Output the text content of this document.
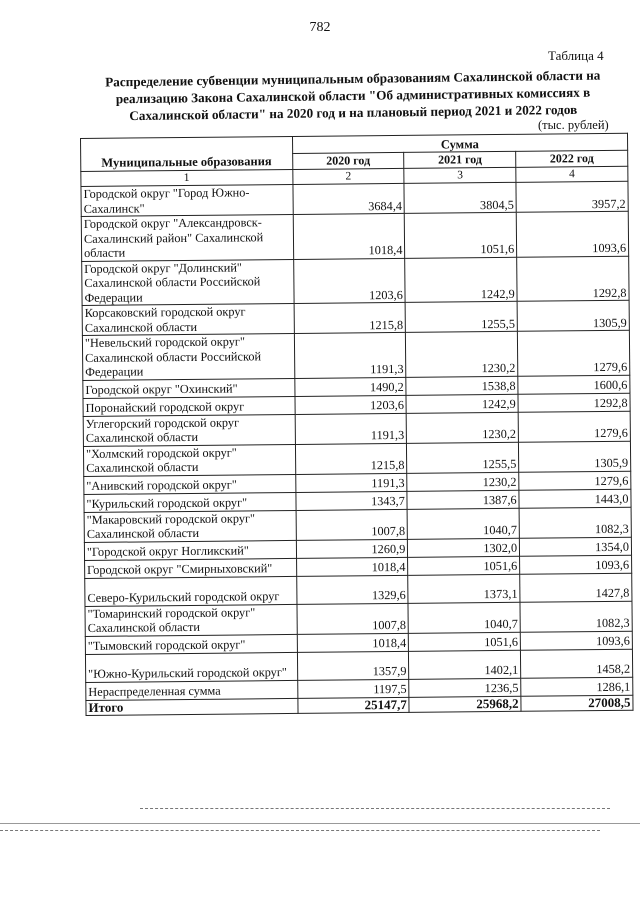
782
Таблица 4
Распределение субвенции муниципальным образованиям Сахалинской области на реализацию Закона Сахалинской области "Об административных комиссиях в Сахалинской области" на 2020 год и на плановый период 2021 и 2022 годов
(тыс. рублей)
Муниципальные образования	Сумма		
	2020 год	2021 год	2022 год
1	2	3	4
Городской округ "Город Южно-Сахалинск"	3684,4	3804,5	3957,2
Городской округ "Александровск-Сахалинский район" Сахалинской области	1018,4	1051,6	1093,6
Городской округ "Долинский" Сахалинской области Российской Федерации	1203,6	1242,9	1292,8
Корсаковский городской округ Сахалинской области	1215,8	1255,5	1305,9
"Невельский городской округ" Сахалинской области Российской Федерации	1191,3	1230,2	1279,6
Городской округ "Охинский"	1490,2	1538,8	1600,6
Поронайский городской округ	1203,6	1242,9	1292,8
Углегорский городской округ Сахалинской области	1191,3	1230,2	1279,6
"Холмский городской округ" Сахалинской области	1215,8	1255,5	1305,9
"Анивский городской округ"	1191,3	1230,2	1279,6
"Курильский городской округ"	1343,7	1387,6	1443,0
"Макаровский городской округ" Сахалинской области	1007,8	1040,7	1082,3
"Городской округ Ногликский"	1260,9	1302,0	1354,0
Городской округ "Смирныховский"	1018,4	1051,6	1093,6
Северо-Курильский городской округ	1329,6	1373,1	1427,8
"Томаринский городской округ" Сахалинской области	1007,8	1040,7	1082,3
"Тымовский городской округ"	1018,4	1051,6	1093,6
"Южно-Курильский городской округ"	1357,9	1402,1	1458,2
Нераспределенная сумма	1197,5	1236,5	1286,1
Итого	25147,7	25968,2	27008,5
